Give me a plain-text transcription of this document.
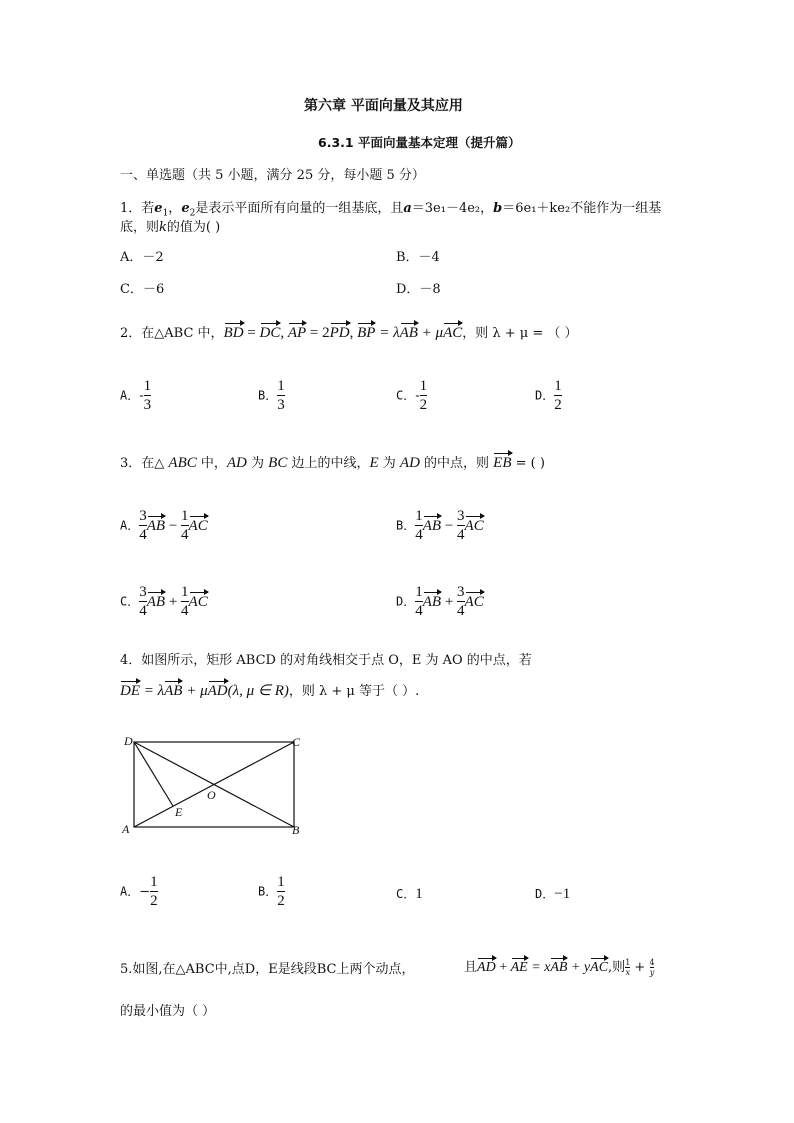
第六章 平面向量及其应用
6.3.1 平面向量基本定理（提升篇）
一、单选题（共 5 小题，满分 25 分，每小题 5 分）
1．若$e_1$，$e_2$是表示平面所有向量的一组基底，且a＝3e₁－4e₂，b＝6e₁＋ke₂不能作为一组基
底，则k的值为( )
A．－2	B．－4
C．－6	D．－8
2．在△ABC 中，BD = DC, AP = 2PD, BP = λAB + μAC，则 λ + μ = （ ）
A．- $\frac{1}{3}$	B． $\frac{1}{3}$	C．- $\frac{1}{2}$	D． $\frac{1}{2}$
3．在△ ABC 中，AD 为 BC 边上的中线，E 为 AD 的中点，则 EB = ( )
A． $\frac{3}{4}$ AB − $\frac{1}{4}$ AC	B． $\frac{1}{4}$ AB − $\frac{3}{4}$ AC
C． $\frac{3}{4}$ AB + $\frac{1}{4}$ AC	D． $\frac{1}{4}$ AB + $\frac{3}{4}$ AC
4．如图所示，矩形 ABCD 的对角线相交于点 O，E 为 AO 的中点，若
DE = λAB + μAD(λ, μ ∈ R)，则 λ + μ 等于（ ）.
D	C
A	B
O
E
A．− $\frac{1}{2}$	B． $\frac{1}{2}$	C．1	D．−1
5.如图,在△ABC中,点D，E是线段BC上两个动点，	且AD + AE = xAB + yAC,则 $\frac{1}{x} + \frac{4}{y}$
的最小值为（ ）
